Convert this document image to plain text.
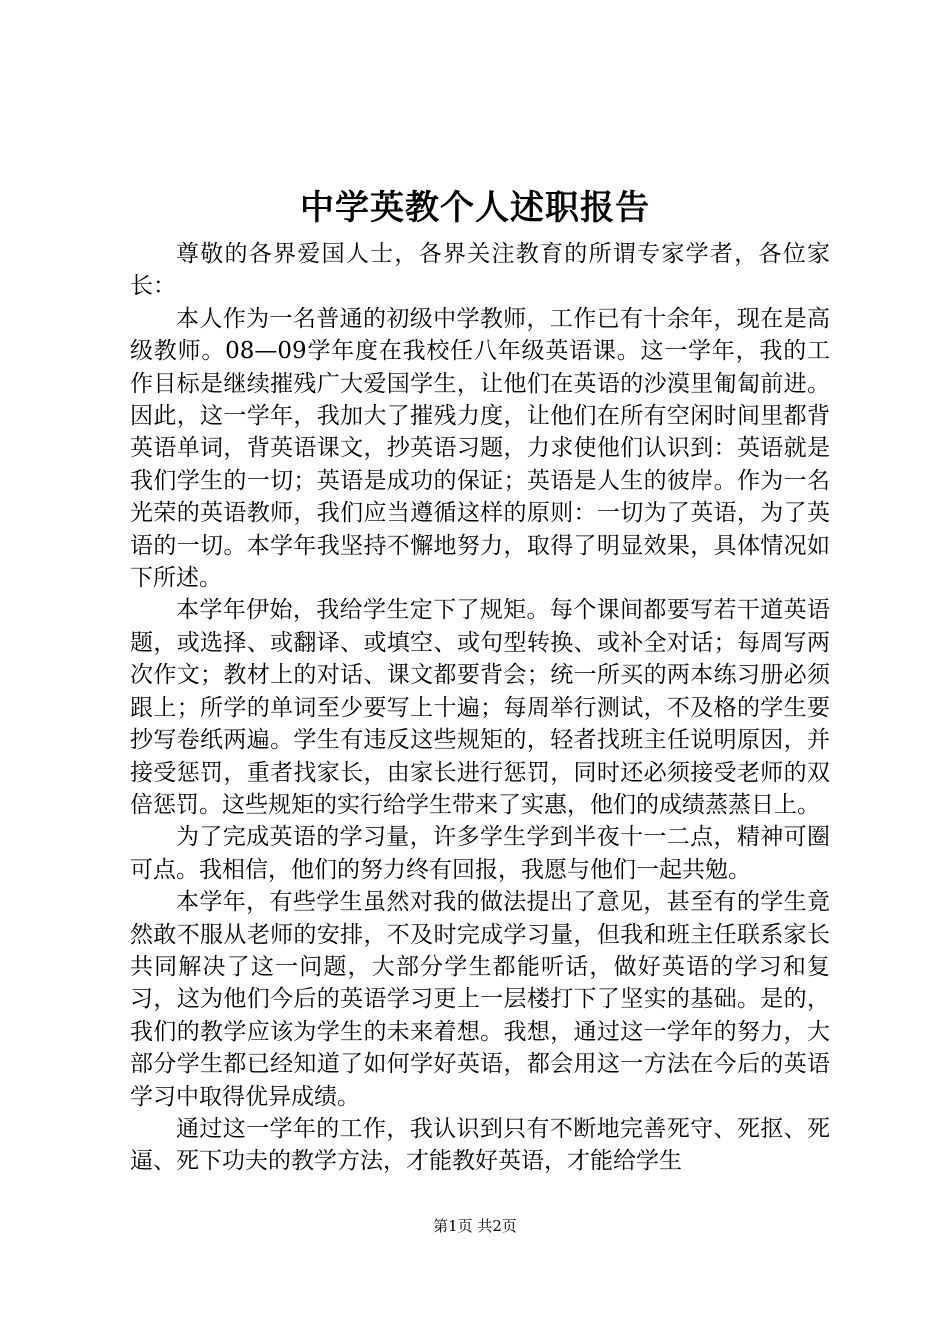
中学英教个人述职报告

尊敬的各界爱国人士，各界关注教育的所谓专家学者，各位家长：

本人作为一名普通的初级中学教师，工作已有十余年，现在是高级教师。08—09学年度在我校任八年级英语课。这一学年，我的工作目标是继续摧残广大爱国学生，让他们在英语的沙漠里匍匐前进。因此，这一学年，我加大了摧残力度，让他们在所有空闲时间里都背英语单词，背英语课文，抄英语习题，力求使他们认识到：英语就是我们学生的一切；英语是成功的保证；英语是人生的彼岸。作为一名光荣的英语教师，我们应当遵循这样的原则：一切为了英语，为了英语的一切。本学年我坚持不懈地努力，取得了明显效果，具体情况如下所述。

本学年伊始，我给学生定下了规矩。每个课间都要写若干道英语题，或选择、或翻译、或填空、或句型转换、或补全对话；每周写两次作文；教材上的对话、课文都要背会；统一所买的两本练习册必须跟上；所学的单词至少要写上十遍；每周举行测试，不及格的学生要抄写卷纸两遍。学生有违反这些规矩的，轻者找班主任说明原因，并接受惩罚，重者找家长，由家长进行惩罚，同时还必须接受老师的双倍惩罚。这些规矩的实行给学生带来了实惠，他们的成绩蒸蒸日上。

为了完成英语的学习量，许多学生学到半夜十一二点，精神可圈可点。我相信，他们的努力终有回报，我愿与他们一起共勉。

本学年，有些学生虽然对我的做法提出了意见，甚至有的学生竟然敢不服从老师的安排，不及时完成学习量，但我和班主任联系家长共同解决了这一问题，大部分学生都能听话，做好英语的学习和复习，这为他们今后的英语学习更上一层楼打下了坚实的基础。是的，我们的教学应该为学生的未来着想。我想，通过这一学年的努力，大部分学生都已经知道了如何学好英语，都会用这一方法在今后的英语学习中取得优异成绩。

通过这一学年的工作，我认识到只有不断地完善死守、死抠、死逼、死下功夫的教学方法，才能教好英语，才能给学生

第1页 共2页
